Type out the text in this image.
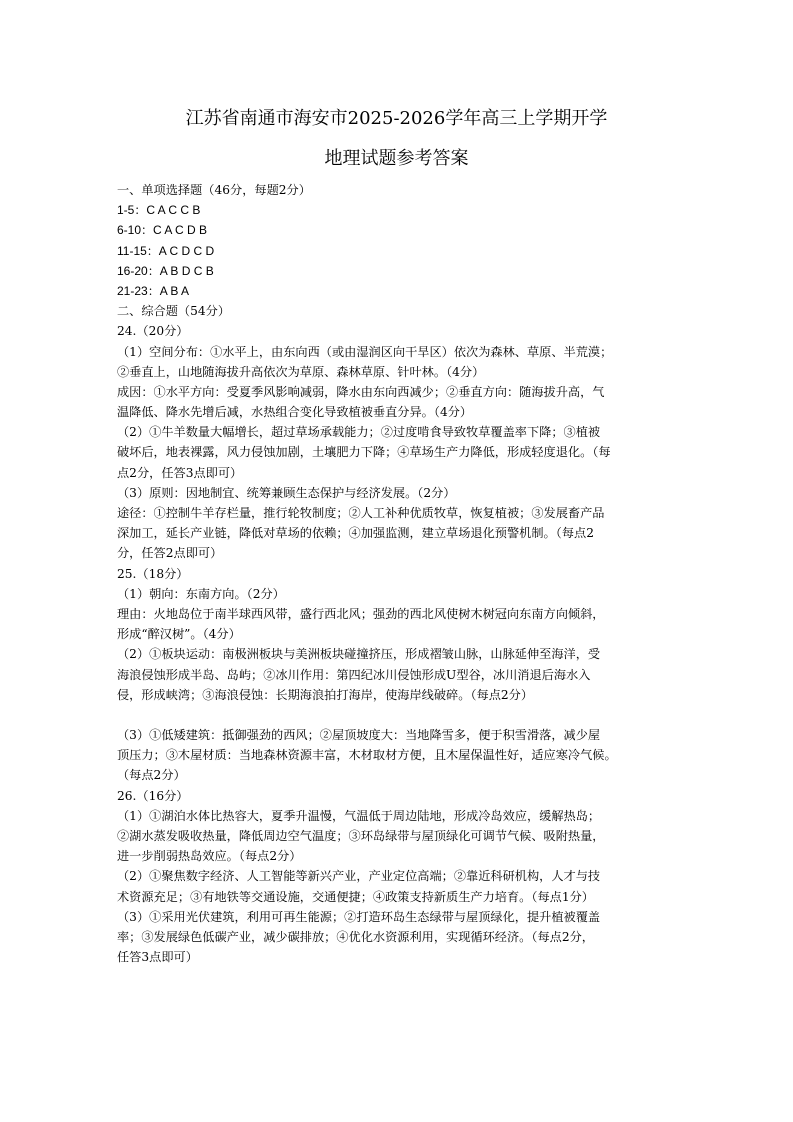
江苏省南通市海安市2025-2026学年高三上学期开学
地理试题参考答案
一、单项选择题（46分，每题2分）
1-5：C A C C B
6-10：C A C D B
11-15：A C D C D
16-20：A B D C B
21-23：A B A
二、综合题（54分）
24.（20分）
（1）空间分布：①水平上，由东向西（或由湿润区向干旱区）依次为森林、草原、半荒漠；
②垂直上，山地随海拔升高依次为草原、森林草原、针叶林。（4分）
成因：①水平方向：受夏季风影响减弱，降水由东向西减少；②垂直方向：随海拔升高，气
温降低、降水先增后减，水热组合变化导致植被垂直分异。（4分）
（2）①牛羊数量大幅增长，超过草场承载能力；②过度啃食导致牧草覆盖率下降；③植被
破坏后，地表裸露，风力侵蚀加剧，土壤肥力下降；④草场生产力降低，形成轻度退化。（每
点2分，任答3点即可）
（3）原则：因地制宜、统筹兼顾生态保护与经济发展。（2分）
途径：①控制牛羊存栏量，推行轮牧制度；②人工补种优质牧草，恢复植被；③发展畜产品
深加工，延长产业链，降低对草场的依赖；④加强监测，建立草场退化预警机制。（每点2
分，任答2点即可）
25.（18分）
（1）朝向：东南方向。（2分）
理由：火地岛位于南半球西风带，盛行西北风；强劲的西北风使树木树冠向东南方向倾斜，
形成“醉汉树”。（4分）
（2）①板块运动：南极洲板块与美洲板块碰撞挤压，形成褶皱山脉，山脉延伸至海洋，受
海浪侵蚀形成半岛、岛屿；②冰川作用：第四纪冰川侵蚀形成U型谷，冰川消退后海水入
侵，形成峡湾；③海浪侵蚀：长期海浪拍打海岸，使海岸线破碎。（每点2分）
（3）①低矮建筑：抵御强劲的西风；②屋顶坡度大：当地降雪多，便于积雪滑落，减少屋
顶压力；③木屋材质：当地森林资源丰富，木材取材方便，且木屋保温性好，适应寒冷气候。
（每点2分）
26.（16分）
（1）①湖泊水体比热容大，夏季升温慢，气温低于周边陆地，形成冷岛效应，缓解热岛；
②湖水蒸发吸收热量，降低周边空气温度；③环岛绿带与屋顶绿化可调节气候、吸附热量，
进一步削弱热岛效应。（每点2分）
（2）①聚焦数字经济、人工智能等新兴产业，产业定位高端；②靠近科研机构，人才与技
术资源充足；③有地铁等交通设施，交通便捷；④政策支持新质生产力培育。（每点1分）
（3）①采用光伏建筑，利用可再生能源；②打造环岛生态绿带与屋顶绿化，提升植被覆盖
率；③发展绿色低碳产业，减少碳排放；④优化水资源利用，实现循环经济。（每点2分，
任答3点即可）
